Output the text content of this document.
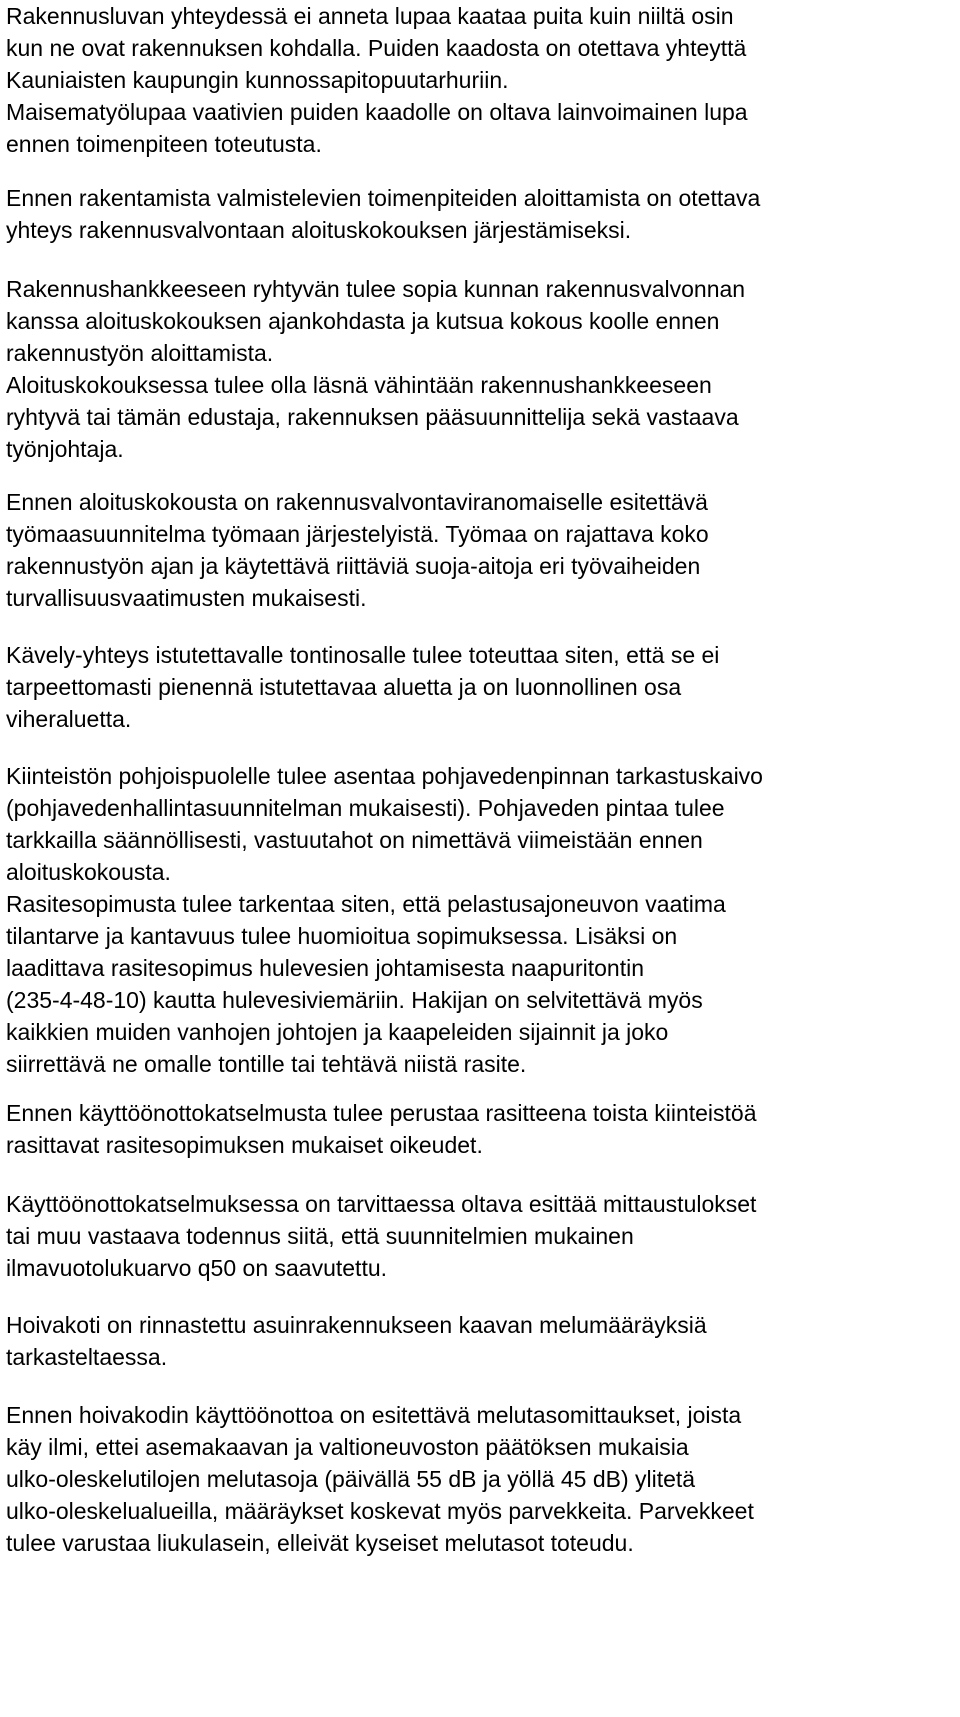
Rakennusluvan yhteydessä ei anneta lupaa kaataa puita kuin niiltä osin
kun ne ovat rakennuksen kohdalla. Puiden kaadosta on otettava yhteyttä
Kauniaisten kaupungin kunnossapitopuutarhuriin.
Maisematyölupaa vaativien puiden kaadolle on oltava lainvoimainen lupa
ennen toimenpiteen toteutusta.
Ennen rakentamista valmistelevien toimenpiteiden aloittamista on otettava
yhteys rakennusvalvontaan aloituskokouksen järjestämiseksi.
Rakennushankkeeseen ryhtyvän tulee sopia kunnan rakennusvalvonnan
kanssa aloituskokouksen ajankohdasta ja kutsua kokous koolle ennen
rakennustyön aloittamista.
Aloituskokouksessa tulee olla läsnä vähintään rakennushankkeeseen
ryhtyvä tai tämän edustaja, rakennuksen pääsuunnittelija sekä vastaava
työnjohtaja.
Ennen aloituskokousta on rakennusvalvontaviranomaiselle esitettävä
työmaasuunnitelma työmaan järjestelyistä. Työmaa on rajattava koko
rakennustyön ajan ja käytettävä riittäviä suoja-aitoja eri työvaiheiden
turvallisuusvaatimusten mukaisesti.
Kävely-yhteys istutettavalle tontinosalle tulee toteuttaa siten, että se ei
tarpeettomasti pienennä istutettavaa aluetta ja on luonnollinen osa
viheraluetta.
Kiinteistön pohjoispuolelle tulee asentaa pohjavedenpinnan tarkastuskaivo
(pohjavedenhallintasuunnitelman mukaisesti). Pohjaveden pintaa tulee
tarkkailla säännöllisesti, vastuutahot on nimettävä viimeistään ennen
aloituskokousta.
Rasitesopimusta tulee tarkentaa siten, että pelastusajoneuvon vaatima
tilantarve ja kantavuus tulee huomioitua sopimuksessa. Lisäksi on
laadittava rasitesopimus hulevesien johtamisesta naapuritontin
(235-4-48-10) kautta hulevesiviemäriin. Hakijan on selvitettävä myös
kaikkien muiden vanhojen johtojen ja kaapeleiden sijainnit ja joko
siirrettävä ne omalle tontille tai tehtävä niistä rasite.
Ennen käyttöönottokatselmusta tulee perustaa rasitteena toista kiinteistöä
rasittavat rasitesopimuksen mukaiset oikeudet.
Käyttöönottokatselmuksessa on tarvittaessa oltava esittää mittaustulokset
tai muu vastaava todennus siitä, että suunnitelmien mukainen
ilmavuotolukuarvo q50 on saavutettu.
Hoivakoti on rinnastettu asuinrakennukseen kaavan melumääräyksiä
tarkasteltaessa.
Ennen hoivakodin käyttöönottoa on esitettävä melutasomittaukset, joista
käy ilmi, ettei asemakaavan ja valtioneuvoston päätöksen mukaisia
ulko-oleskelutilojen melutasoja (päivällä 55 dB ja yöllä 45 dB) ylitetä
ulko-oleskelualueilla, määräykset koskevat myös parvekkeita. Parvekkeet
tulee varustaa liukulasein, elleivät kyseiset melutasot toteudu.
